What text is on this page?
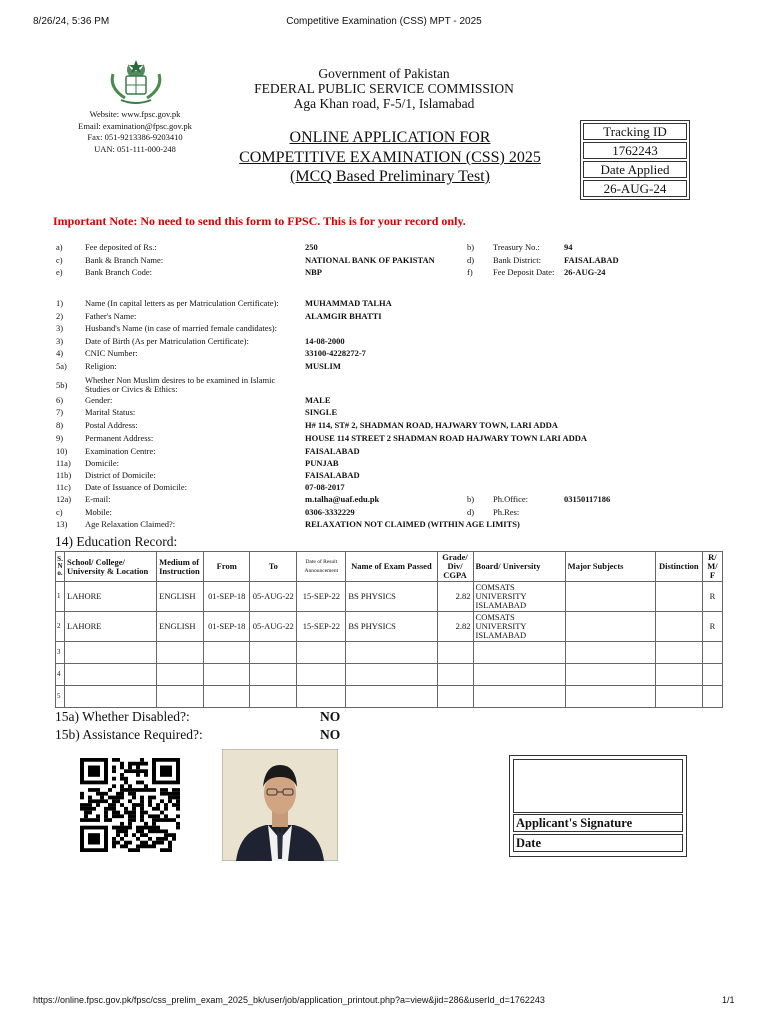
8/26/24, 5:36 PM	Competitive Examination (CSS) MPT - 2025
Government of Pakistan
FEDERAL PUBLIC SERVICE COMMISSION
Aga Khan road, F-5/1, Islamabad
Website: www.fpsc.gov.pk
Email: examination@fpsc.gov.pk
Fax: 051-9213386-9203410
UAN: 051-111-000-248
ONLINE APPLICATION FOR
COMPETITIVE EXAMINATION (CSS) 2025
(MCQ Based Preliminary Test)
Tracking ID
1762243
Date Applied
26-AUG-24
Important Note: No need to send this form to FPSC. This is for your record only.
a)	Fee deposited of Rs.:	250	b) Treasury No.:	94
c)	Bank & Branch Name:	NATIONAL BANK OF PAKISTAN	d) Bank District:	FAISALABAD
e)	Bank Branch Code:	NBP	f) Fee Deposit Date: 26-AUG-24
1)	Name (In capital letters as per Matriculation Certificate):	MUHAMMAD TALHA
2)	Father's Name:	ALAMGIR BHATTI
3)	Husband's Name (in case of married female candidates):
3)	Date of Birth (As per Matriculation Certificate):	14-08-2000
4)	CNIC Number:	33100-4228272-7
5a) Religion:	MUSLIM
5b) Whether Non Muslim desires to be examined in Islamic
Studies or Civics & Ethics:
6)	Gender:	MALE
7)	Marital Status:	SINGLE
8)	Postal Address:	H# 114, ST# 2, SHADMAN ROAD, HAJWARY TOWN, LARI ADDA
9)	Permanent Address:	HOUSE 114 STREET 2 SHADMAN ROAD HAJWARY TOWN LARI ADDA
10) Examination Centre:	FAISALABAD
11a) Domicile:	PUNJAB
11b) District of Domicile:	FAISALABAD
11c) Date of Issuance of Domicile:	07-08-2017
12a) E-mail:	m.talha@uaf.edu.pk	b) Ph.Office:	03150117186
c)	Mobile:	0306-3332229	d) Ph.Res:
13) Age Relaxation Claimed?:	RELAXATION NOT CLAIMED (WITHIN AGE LIMITS)
14) Education Record:
S. N o.	School/ College/ University & Location	Medium of Instruction	From	To	Date of Result Announcement	Name of Exam Passed	Grade/ Div/ CGPA	Board/ University	Major Subjects	Distinction	R/ M/ F
1	LAHORE	ENGLISH	01-SEP-18	05-AUG-22	15-SEP-22	BS PHYSICS	2.82	COMSATS UNIVERSITY ISLAMABAD			R
2	LAHORE	ENGLISH	01-SEP-18	05-AUG-22	15-SEP-22	BS PHYSICS	2.82	COMSATS UNIVERSITY ISLAMABAD			R
3											
4											
5											
15a) Whether Disabled?:	NO
15b) Assistance Required?:	NO
Applicant's Signature
Date
https://online.fpsc.gov.pk/fpsc/css_prelim_exam_2025_bk/user/job/application_printout.php?a=view&jid=286&userId_d=1762243	1/1
